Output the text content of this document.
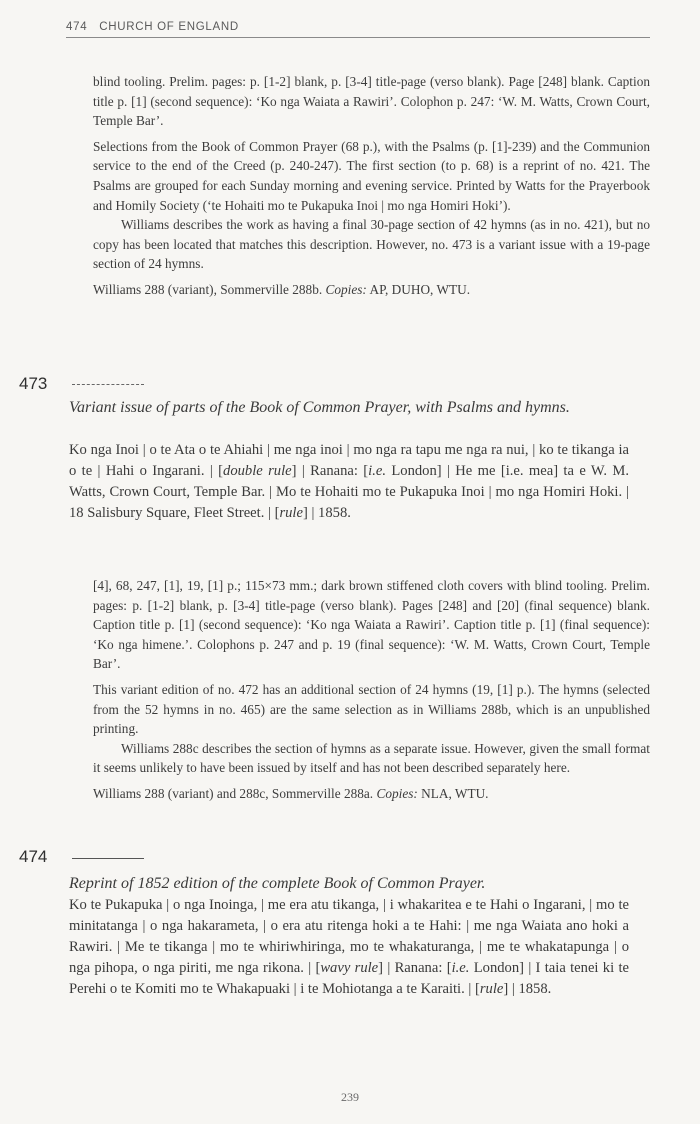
474 CHURCH OF ENGLAND

blind tooling. Prelim. pages: p. [1-2] blank, p. [3-4] title-page (verso blank). Page [248] blank. Caption title p. [1] (second sequence): ‘Ko nga Waiata a Rawiri’. Colophon p. 247: ‘W. M. Watts, Crown Court, Temple Bar’.

Selections from the Book of Common Prayer (68 p.), with the Psalms (p. [1]-239) and the Communion service to the end of the Creed (p. 240-247). The first section (to p. 68) is a reprint of no. 421. The Psalms are grouped for each Sunday morning and evening service. Printed by Watts for the Prayerbook and Homily Society (‘te Hohaiti mo te Pukapuka Inoi | mo nga Homiri Hoki’).

Williams describes the work as having a final 30-page section of 42 hymns (as in no. 421), but no copy has been located that matches this description. However, no. 473 is a variant issue with a 19-page section of 24 hymns.

Williams 288 (variant), Sommerville 288b. Copies: AP, DUHO, WTU.

473
Variant issue of parts of the Book of Common Prayer, with Psalms and hymns.
Ko nga Inoi | o te Ata o te Ahiahi | me nga inoi | mo nga ra tapu me nga ra nui, | ko te tikanga ia o te | Hahi o Ingarani. | [double rule] | Ranana: [i.e. London] | He me [i.e. mea] ta e W. M. Watts, Crown Court, Temple Bar. | Mo te Hohaiti mo te Pukapuka Inoi | mo nga Homiri Hoki. | 18 Salisbury Square, Fleet Street. | [rule] | 1858.

[4], 68, 247, [1], 19, [1] p.; 115×73 mm.; dark brown stiffened cloth covers with blind tooling. Prelim. pages: p. [1-2] blank, p. [3-4] title-page (verso blank). Pages [248] and [20] (final sequence) blank. Caption title p. [1] (second sequence): ‘Ko nga Waiata a Rawiri’. Caption title p. [1] (final sequence): ‘Ko nga himene.’. Colophons p. 247 and p. 19 (final sequence): ‘W. M. Watts, Crown Court, Temple Bar’.

This variant edition of no. 472 has an additional section of 24 hymns (19, [1] p.). The hymns (selected from the 52 hymns in no. 465) are the same selection as in Williams 288b, which is an unpublished printing.

Williams 288c describes the section of hymns as a separate issue. However, given the small format it seems unlikely to have been issued by itself and has not been described separately here.

Williams 288 (variant) and 288c, Sommerville 288a. Copies: NLA, WTU.

474
Reprint of 1852 edition of the complete Book of Common Prayer.
Ko te Pukapuka | o nga Inoinga, | me era atu tikanga, | i whakaritea e te Hahi o Ingarani, | mo te minitatanga | o nga hakarameta, | o era atu ritenga hoki a te Hahi: | me nga Waiata ano hoki a Rawiri. | Me te tikanga | mo te whiriwhiringa, mo te whakaturanga, | me te whakatapunga | o nga pihopa, o nga piriti, me nga rikona. | [wavy rule] | Ranana: [i.e. London] | I taia tenei ki te Perehi o te Komiti mo te Whakapuaki | i te Mohiotanga a te Karaiti. | [rule] | 1858.
239
